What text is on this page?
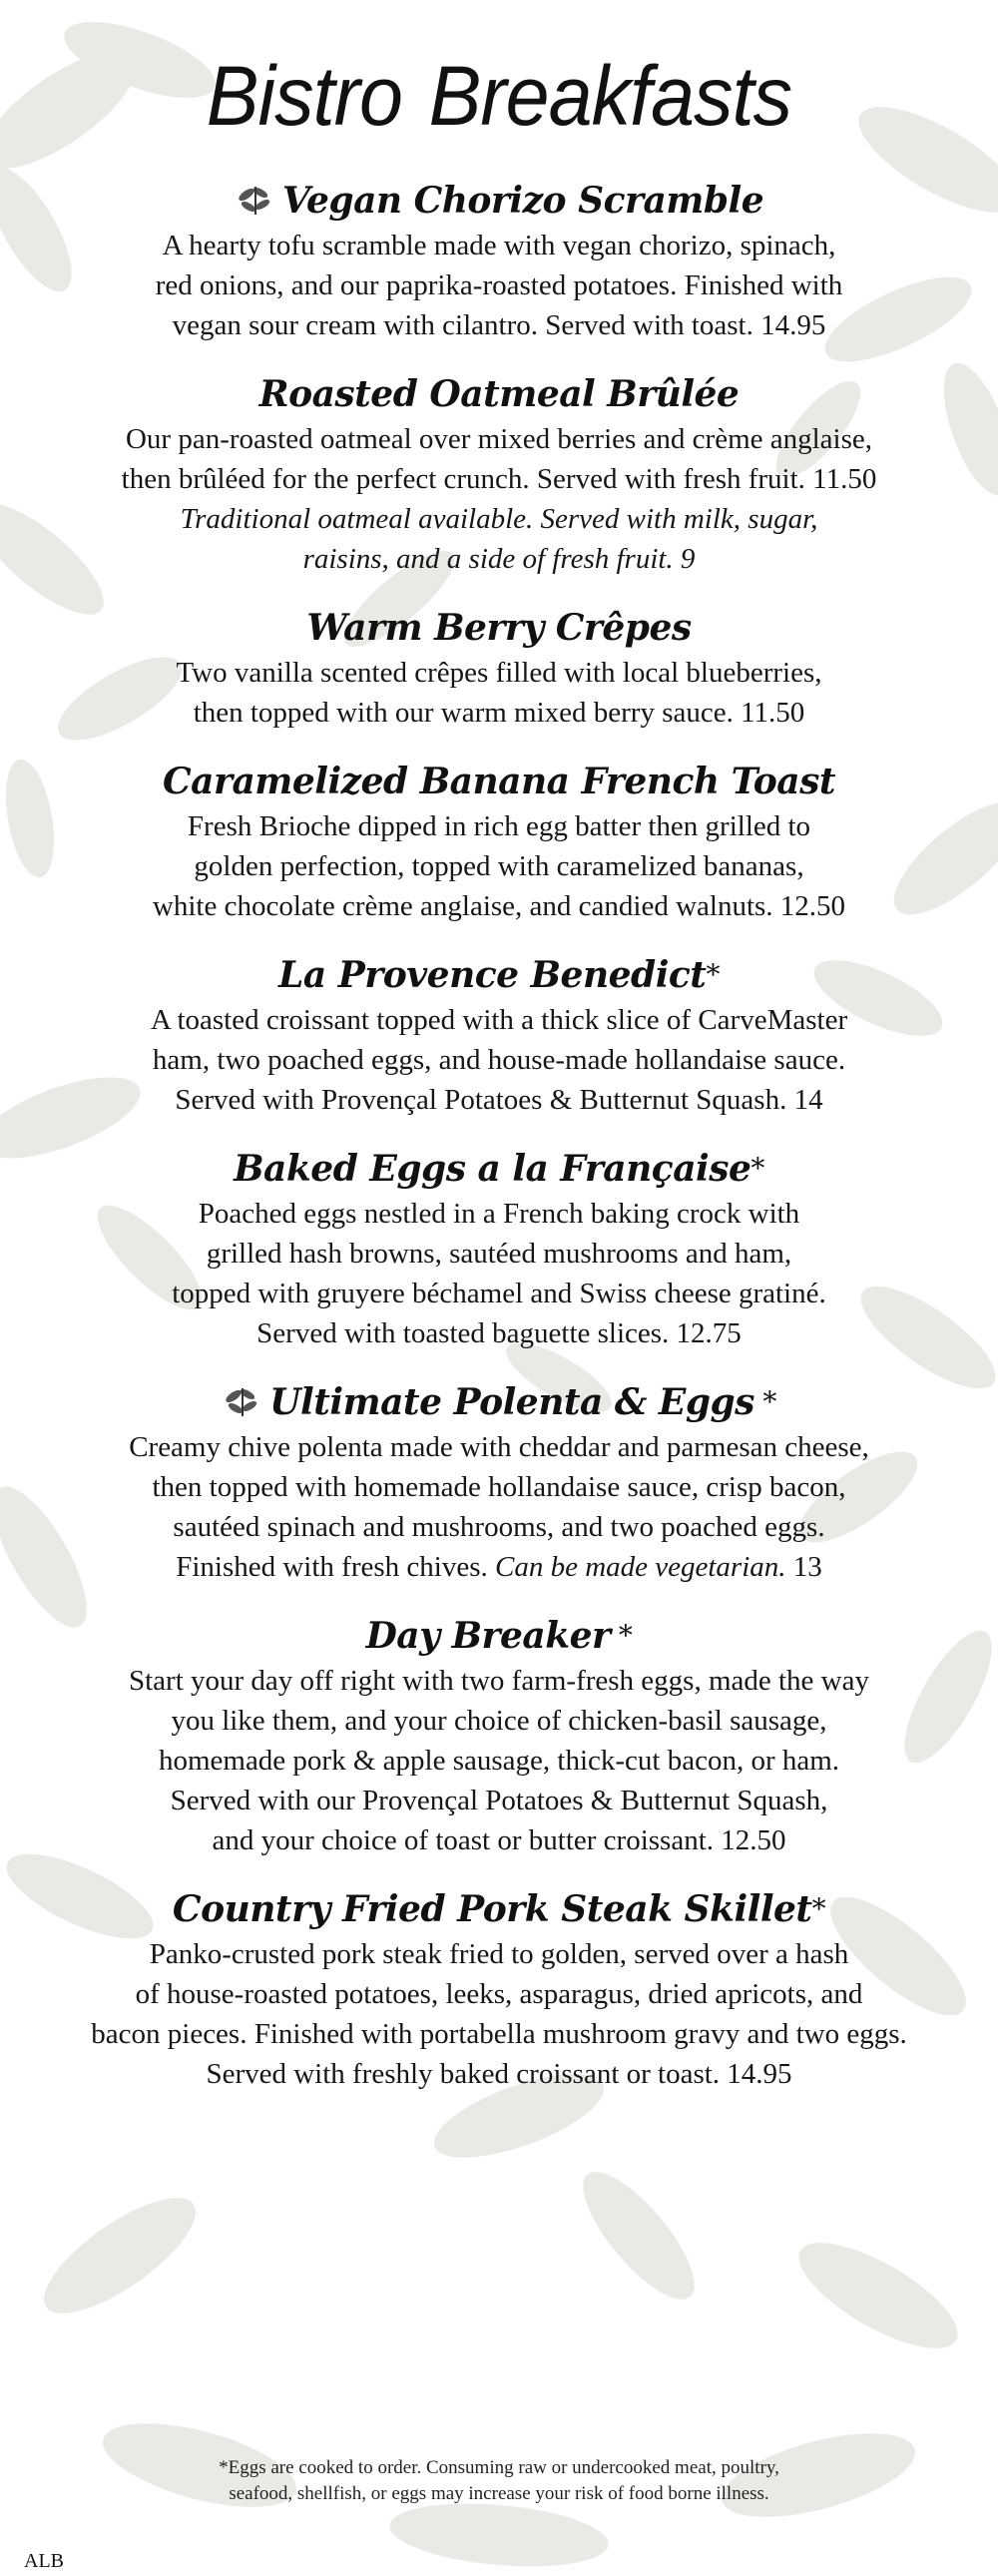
Bistro Breakfasts
Vegan Chorizo Scramble
A hearty tofu scramble made with vegan chorizo, spinach,
red onions, and our paprika-roasted potatoes. Finished with
vegan sour cream with cilantro. Served with toast. 14.95
Roasted Oatmeal Brûlée
Our pan-roasted oatmeal over mixed berries and crème anglaise,
then brûléed for the perfect crunch. Served with fresh fruit. 11.50
Traditional oatmeal available. Served with milk, sugar,
raisins, and a side of fresh fruit. 9
Warm Berry Crêpes
Two vanilla scented crêpes filled with local blueberries,
then topped with our warm mixed berry sauce. 11.50
Caramelized Banana French Toast
Fresh Brioche dipped in rich egg batter then grilled to
golden perfection, topped with caramelized bananas,
white chocolate crème anglaise, and candied walnuts. 12.50
La Provence Benedict*
A toasted croissant topped with a thick slice of CarveMaster
ham, two poached eggs, and house-made hollandaise sauce.
Served with Provençal Potatoes & Butternut Squash. 14
Baked Eggs a la Française*
Poached eggs nestled in a French baking crock with
grilled hash browns, sautéed mushrooms and ham,
topped with gruyere béchamel and Swiss cheese gratiné.
Served with toasted baguette slices. 12.75
Ultimate Polenta & Eggs *
Creamy chive polenta made with cheddar and parmesan cheese,
then topped with homemade hollandaise sauce, crisp bacon,
sautéed spinach and mushrooms, and two poached eggs.
Finished with fresh chives. Can be made vegetarian. 13
Day Breaker *
Start your day off right with two farm-fresh eggs, made the way
you like them, and your choice of chicken-basil sausage,
homemade pork & apple sausage, thick-cut bacon, or ham.
Served with our Provençal Potatoes & Butternut Squash,
and your choice of toast or butter croissant. 12.50
Country Fried Pork Steak Skillet*
Panko-crusted pork steak fried to golden, served over a hash
of house-roasted potatoes, leeks, asparagus, dried apricots, and
bacon pieces. Finished with portabella mushroom gravy and two eggs.
Served with freshly baked croissant or toast. 14.95
*Eggs are cooked to order. Consuming raw or undercooked meat, poultry,
seafood, shellfish, or eggs may increase your risk of food borne illness.
ALB
